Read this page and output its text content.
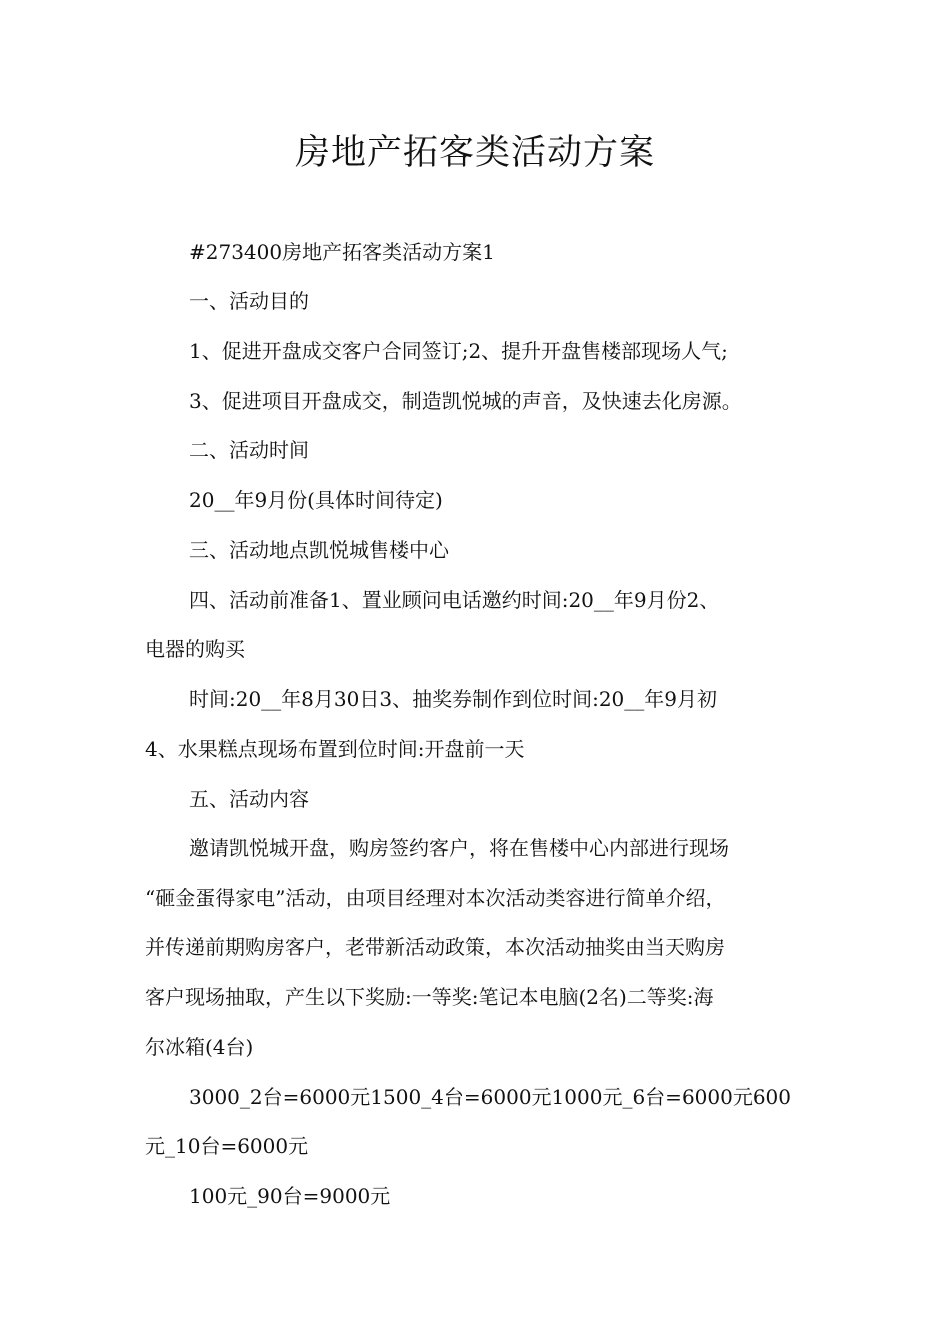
房地产拓客类活动方案
#273400房地产拓客类活动方案1
一、活动目的
1、促进开盘成交客户合同签订;2、提升开盘售楼部现场人气;
3、促进项目开盘成交，制造凯悦城的声音，及快速去化房源。
二、活动时间
20__年9月份(具体时间待定)
三、活动地点凯悦城售楼中心
四、活动前准备1、置业顾问电话邀约时间:20__年9月份2、
电器的购买
时间:20__年8月30日3、抽奖券制作到位时间:20__年9月初
4、水果糕点现场布置到位时间:开盘前一天
五、活动内容
邀请凯悦城开盘，购房签约客户，将在售楼中心内部进行现场
“砸金蛋得家电”活动，由项目经理对本次活动类容进行简单介绍，
并传递前期购房客户，老带新活动政策，本次活动抽奖由当天购房
客户现场抽取，产生以下奖励:一等奖:笔记本电脑(2名)二等奖:海
尔冰箱(4台)
3000_2台=6000元1500_4台=6000元1000元_6台=6000元600
元_10台=6000元
100元_90台=9000元
